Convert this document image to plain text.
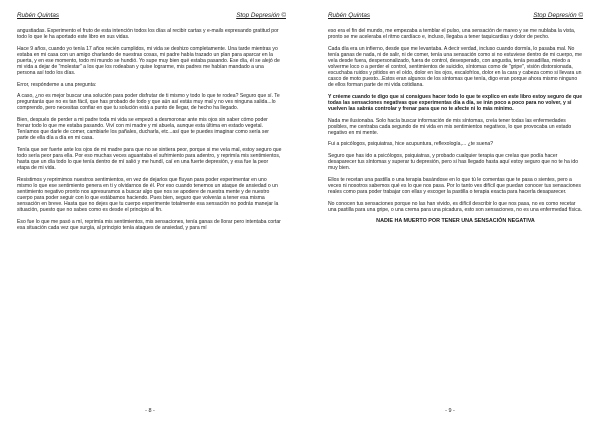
Rubén Quintas	Stop Depresión ©

angustiadas. Experimento el fruto de esta intención todos los días al recibir cartas y e-mails expresando gratitud por todo lo que le ha aportado este libro en sus vidas.

Hace 9 años, cuando yo tenía 17 años recién cumplidos, mi vida se deshizo completamente. Una tarde mientras yo estaba en mi casa con un amigo charlando de nuestras cosas, mi padre había trazado un plan para aparcar en la puerta, y en ese momento, todo mi mundo se hundió. Yo supe muy bien qué estaba pasando. Ese día, él se alejó de mi vida a dejar de "molestar" a los que los rodeaban y quise lograrme, mis padres me habían mandado a una persona así todo los días.

Error, respóndeme a una pregunta:

A caso, ¿no es mejor buscar una solución para poder disfrutar de ti mismo y todo lo que te rodea? Seguro que sí. Te preguntarás que no es tan fácil, que has probado de todo y que aún así estás muy mal y no ves ninguna salida...lo comprendo, pero necesitas confiar en que tu solución está a punto de llegar, de hecho ha llegado.

Bien, después de perder a mi padre toda mi vida se empezó a desmoronar ante mis ojos sin saber cómo poder frenar todo lo que me estaba pasando. Viví con mi madre y mi abuela, aunque esta última en estado vegetal. Teníamos que darle de comer, cambiarle los pañales, ducharla, etc...así que te puedes imaginar como sería ser parte de ella día a día en mi casa.

Tenía que ser fuerte ante los ojos de mi madre para que no se sintiera peor, porque si me veía mal, estoy seguro que todo sería peor para ella. Por eso muchas veces aguantaba el sufrimiento para adentro, y reprimía mis sentimientos, hasta que un día todo lo que tenía dentro de mí salió y me hundí, caí en una fuerte depresión, y esa fue la peor etapa de mi vida.

Resistimos y reprimimos nuestros sentimientos, en vez de dejarlos que fluyan para poder experimentar en uno mismo lo que ese sentimiento genera en ti y olvidarnos de él. Por eso cuando tenemos un ataque de ansiedad o un sentimiento negativo pronto nos apresuramos a buscar algo que nos se apodere de nuestra mente y de nuestro cuerpo para poder seguir con lo que estábamos haciendo. Pues bien, seguro que volverás a tener esa misma sensación en breve. Hasta que no dejes que tu cuerpo experimente totalmente esa sensación no podrás manejar la situación, puesto que no sabes como es desde el principio al fin.

Eso fue lo que me pasó a mí, reprimía mis sentimientos, mis sensaciones, tenía ganas de llorar pero intentaba cortar esa situación cada vez que surgía, al principio tenía ataques de ansiedad, y para mí

- 8 -
Rubén Quintas	Stop Depresión ©

eso era el fin del mundo, me empezaba a temblar el pulso, una sensación de mareo y se me nublaba la vista, pronto se me aceleraba el ritmo cardíaco e, incluso, llegaba a tener taquicardias y dolor de pecho.

Cada día era un infierno, desde que me levantaba. A decir verdad, incluso cuando dormía, lo pasaba mal. No tenía ganas de nada, ni de salir, ni de comer, tenía una sensación como si no estuviese dentro de mi cuerpo, me veía desde fuera, despersonalizado, fuera de control, desesperado, con angustia, tenía pesadillas, miedo a volverme loco o a perder el control, sentimientos de suicidio, síntomas como de "gripe", visión distorsionada, escuchaba ruidos y pitidos en el oído, dolor en los ojos, escalofríos, dolor en la cara y cabeza como si llevara un casco de moto puesto...Estos eran algunos de los síntomas que tenía, digo eran porque ahora mismo ninguno de ellos forman parte de mi vida cotidiana.

Y créeme cuando te digo que si consigues hacer todo lo que te explico en este libro estoy seguro de que todas las sensaciones negativas que experimentas día a día, se irán poco a poco para no volver, y si vuelven las sabrás controlar y frenar para que no te afecte ni lo más mínimo.

Nada me ilusionaba. Solo hacía buscar información de mis síntomas, creía tener todas las enfermedades posibles, me centraba cada segundo de mi vida en mis sentimientos negativos, lo que provocaba un estado negativo en mi mente.

Fui a psicólogos, psiquiatras, hice acupuntura, reflexología,... ¿te suena?

Seguro que has ido a psicólogos, psiquiatras, y probado cualquier terapia que creías que podía hacer desaparecer tus síntomas y superar tu depresión, pero si has llegado hasta aquí estoy seguro que no te ha ido muy bien.

Ellos te recetan una pastilla o una terapia basándose en lo que tú le comentas que te pasa o sientes, pero a veces ni nosotros sabemos qué es lo que nos pasa. Por lo tanto ves difícil que puedan conocer tus sensaciones reales como para poder trabajar con ellas y escoger la pastilla o terapia exacta para hacerla desaparecer.

No conocen tus sensaciones porque no las han vivido, es difícil describir lo que nos pasa, no es como recetar una pastilla para una gripe, o una crema para una picadura, esto son sensaciones, no es una enfermedad física.

NADIE HA MUERTO POR TENER UNA SENSACIÓN NEGATIVA

- 9 -
